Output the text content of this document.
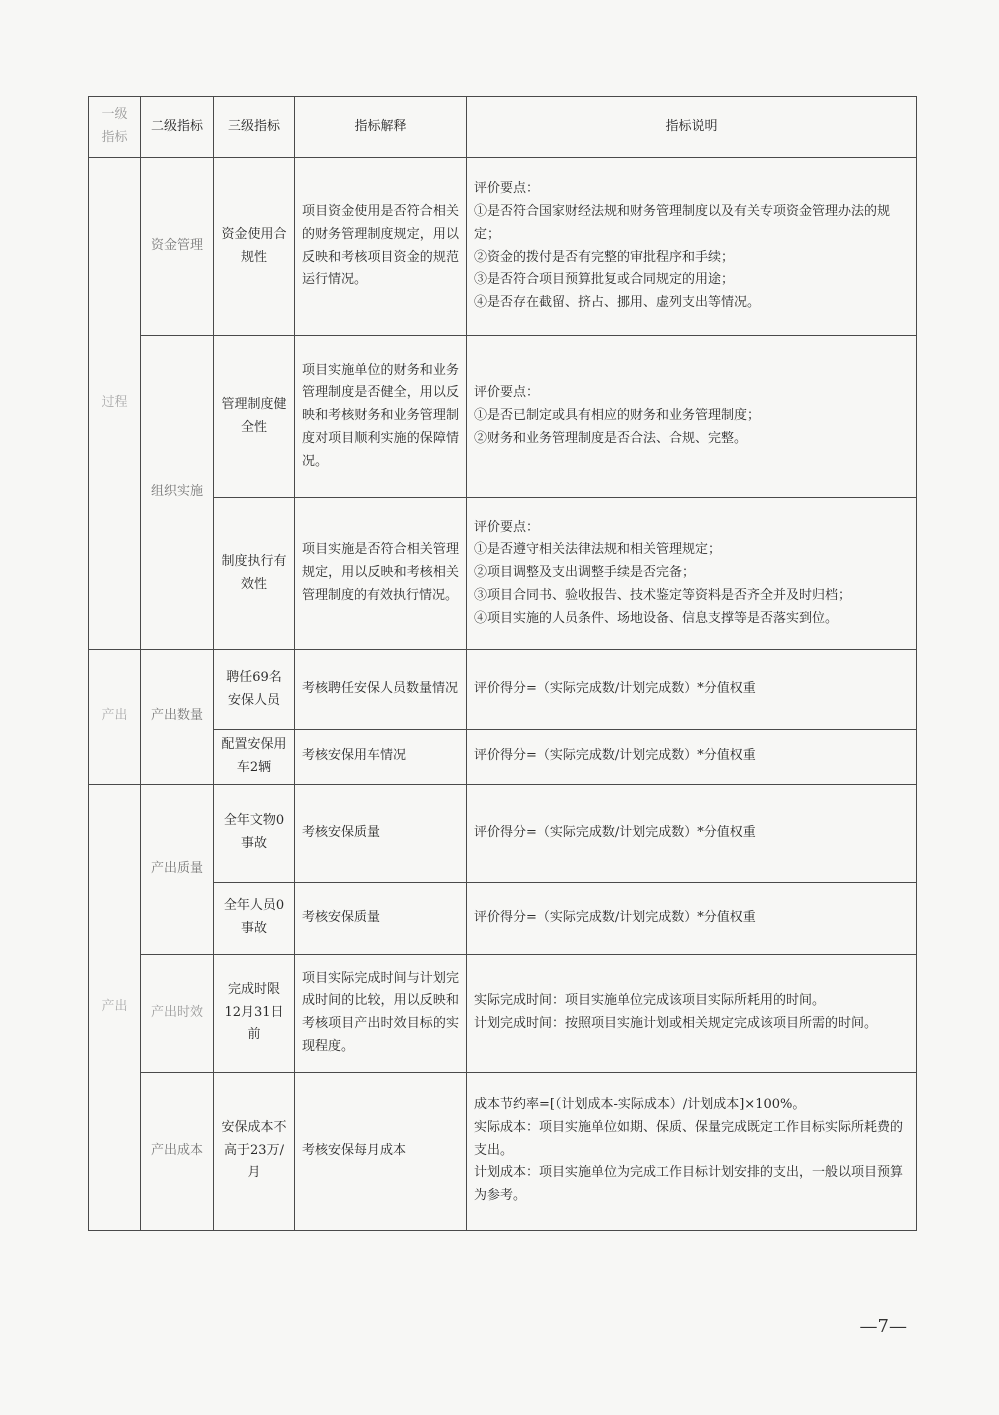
一级指标	二级指标	三级指标	指标解释	指标说明
过程	资金管理	资金使用合规性	项目资金使用是否符合相关的财务管理制度规定，用以反映和考核项目资金的规范运行情况。	评价要点：
①是否符合国家财经法规和财务管理制度以及有关专项资金管理办法的规定；
②资金的拨付是否有完整的审批程序和手续；
③是否符合项目预算批复或合同规定的用途；
④是否存在截留、挤占、挪用、虚列支出等情况。

	组织实施	管理制度健全性	项目实施单位的财务和业务管理制度是否健全，用以反映和考核财务和业务管理制度对项目顺利实施的保障情况。	评价要点：
①是否已制定或具有相应的财务和业务管理制度；
②财务和业务管理制度是否合法、合规、完整。

		制度执行有效性	项目实施是否符合相关管理规定，用以反映和考核相关管理制度的有效执行情况。	评价要点：
①是否遵守相关法律法规和相关管理规定；
②项目调整及支出调整手续是否完备；
③项目合同书、验收报告、技术鉴定等资料是否齐全并及时归档；
④项目实施的人员条件、场地设备、信息支撑等是否落实到位。

产出	产出数量	聘任69名安保人员	考核聘任安保人员数量情况	评价得分=（实际完成数/计划完成数）*分值权重

		配置安保用车2辆	考核安保用车情况	评价得分=（实际完成数/计划完成数）*分值权重

产出	产出质量	全年文物0事故	考核安保质量	评价得分=（实际完成数/计划完成数）*分值权重

		全年人员0事故	考核安保质量	评价得分=（实际完成数/计划完成数）*分值权重

	产出时效	完成时限12月31日前	项目实际完成时间与计划完成时间的比较，用以反映和考核项目产出时效目标的实现程度。	实际完成时间：项目实施单位完成该项目实际所耗用的时间。
计划完成时间：按照项目实施计划或相关规定完成该项目所需的时间。

	产出成本	安保成本不高于23万/月	考核安保每月成本	成本节约率=[（计划成本-实际成本）/计划成本]×100%。
实际成本：项目实施单位如期、保质、保量完成既定工作目标实际所耗费的支出。
计划成本：项目实施单位为完成工作目标计划安排的支出，一般以项目预算为参考。
—7—
